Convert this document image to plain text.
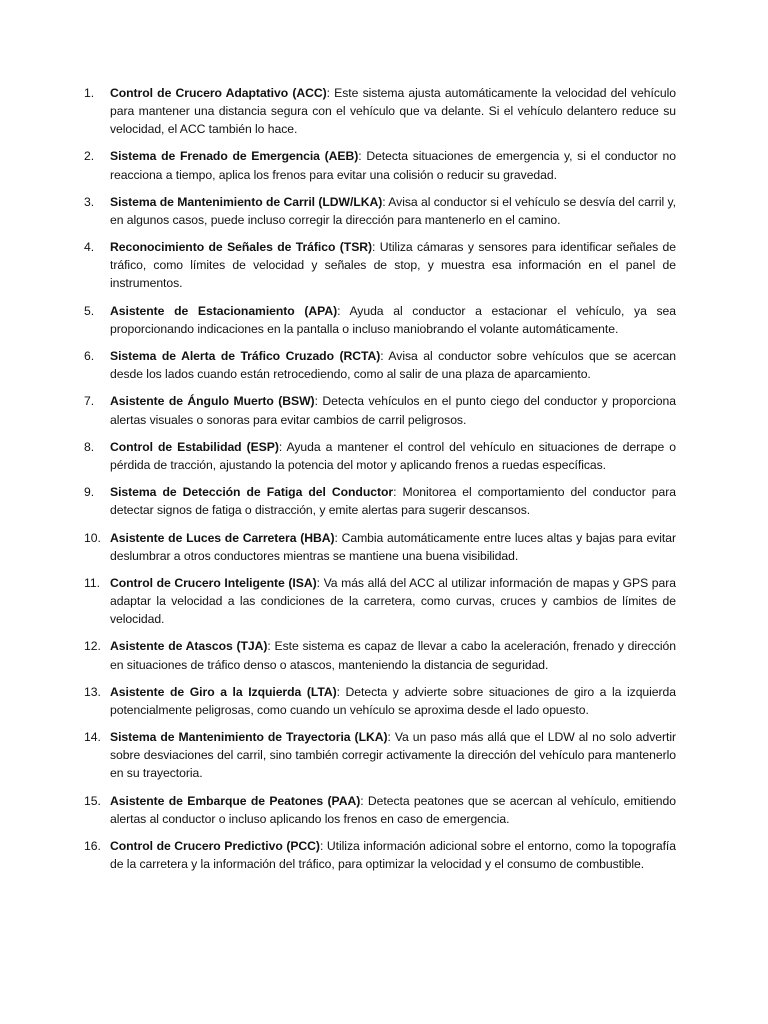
1.	Control de Crucero Adaptativo (ACC): Este sistema ajusta automáticamente la velocidad del vehículo para mantener una distancia segura con el vehículo que va delante. Si el vehículo delantero reduce su velocidad, el ACC también lo hace.
2.	Sistema de Frenado de Emergencia (AEB): Detecta situaciones de emergencia y, si el conductor no reacciona a tiempo, aplica los frenos para evitar una colisión o reducir su gravedad.
3.	Sistema de Mantenimiento de Carril (LDW/LKA): Avisa al conductor si el vehículo se desvía del carril y, en algunos casos, puede incluso corregir la dirección para mantenerlo en el camino.
4.	Reconocimiento de Señales de Tráfico (TSR): Utiliza cámaras y sensores para identificar señales de tráfico, como límites de velocidad y señales de stop, y muestra esa información en el panel de instrumentos.
5.	Asistente de Estacionamiento (APA): Ayuda al conductor a estacionar el vehículo, ya sea proporcionando indicaciones en la pantalla o incluso maniobrando el volante automáticamente.
6.	Sistema de Alerta de Tráfico Cruzado (RCTA): Avisa al conductor sobre vehículos que se acercan desde los lados cuando están retrocediendo, como al salir de una plaza de aparcamiento.
7.	Asistente de Ángulo Muerto (BSW): Detecta vehículos en el punto ciego del conductor y proporciona alertas visuales o sonoras para evitar cambios de carril peligrosos.
8.	Control de Estabilidad (ESP): Ayuda a mantener el control del vehículo en situaciones de derrape o pérdida de tracción, ajustando la potencia del motor y aplicando frenos a ruedas específicas.
9.	Sistema de Detección de Fatiga del Conductor: Monitorea el comportamiento del conductor para detectar signos de fatiga o distracción, y emite alertas para sugerir descansos.
10. Asistente de Luces de Carretera (HBA): Cambia automáticamente entre luces altas y bajas para evitar deslumbrar a otros conductores mientras se mantiene una buena visibilidad.
11. Control de Crucero Inteligente (ISA): Va más allá del ACC al utilizar información de mapas y GPS para adaptar la velocidad a las condiciones de la carretera, como curvas, cruces y cambios de límites de velocidad.
12. Asistente de Atascos (TJA): Este sistema es capaz de llevar a cabo la aceleración, frenado y dirección en situaciones de tráfico denso o atascos, manteniendo la distancia de seguridad.
13. Asistente de Giro a la Izquierda (LTA): Detecta y advierte sobre situaciones de giro a la izquierda potencialmente peligrosas, como cuando un vehículo se aproxima desde el lado opuesto.
14. Sistema de Mantenimiento de Trayectoria (LKA): Va un paso más allá que el LDW al no solo advertir sobre desviaciones del carril, sino también corregir activamente la dirección del vehículo para mantenerlo en su trayectoria.
15. Asistente de Embarque de Peatones (PAA): Detecta peatones que se acercan al vehículo, emitiendo alertas al conductor o incluso aplicando los frenos en caso de emergencia.
16. Control de Crucero Predictivo (PCC): Utiliza información adicional sobre el entorno, como la topografía de la carretera y la información del tráfico, para optimizar la velocidad y el consumo de combustible.
